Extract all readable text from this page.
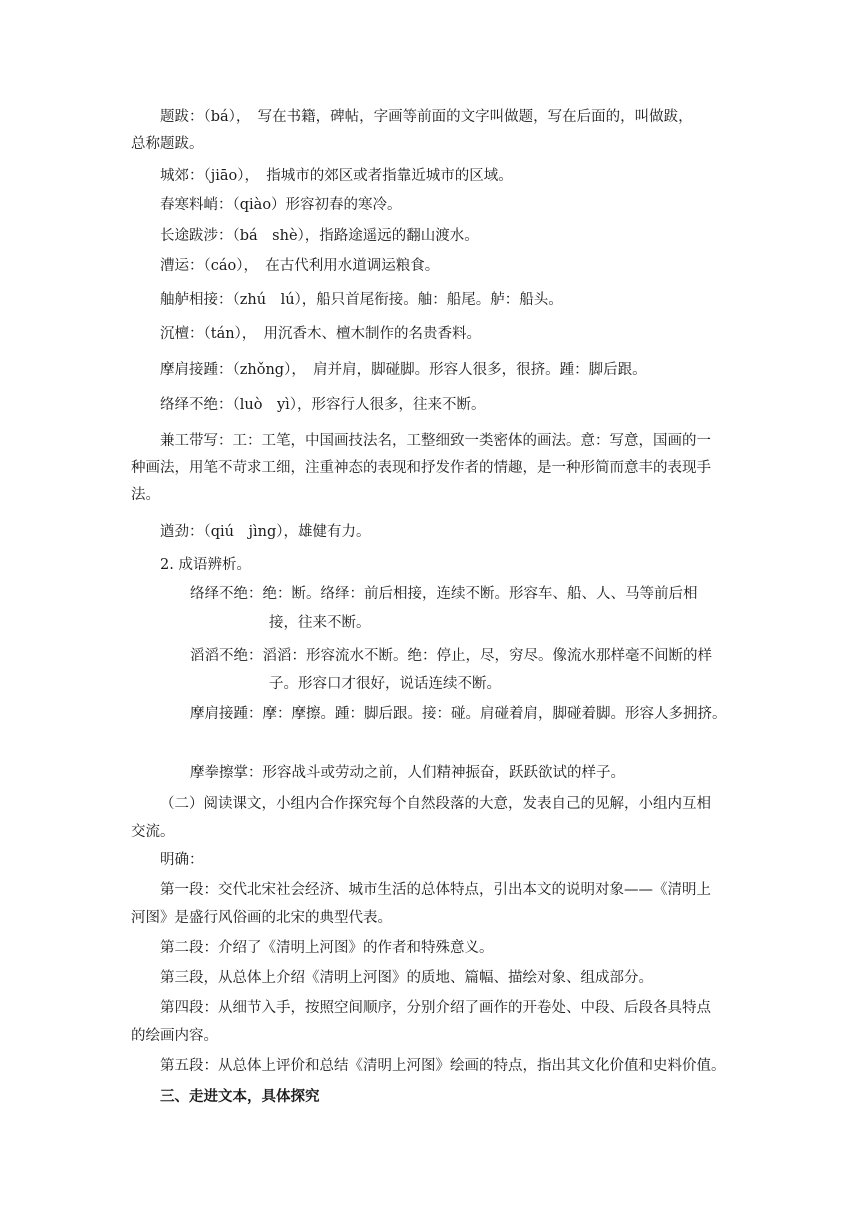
题跋：（bá），　写在书籍，碑帖，字画等前面的文字叫做题，写在后面的，叫做跋，
总称题跋。
城郊：（jiāo），　指城市的郊区或者指靠近城市的区域。
春寒料峭：（qiào）形容初春的寒冷。
长途跋涉：（bá　shè），指路途遥远的翻山渡水。
漕运：（cáo），　在古代利用水道调运粮食。
舳舻相接：（zhú　lú），船只首尾衔接。舳：船尾。舻：船头。
沉檀：（tán），　用沉香木、檀木制作的名贵香料。
摩肩接踵：（zhǒng），　肩并肩，脚碰脚。形容人很多，很挤。踵：脚后跟。
络绎不绝：（luò　yì），形容行人很多，往来不断。
兼工带写：工：工笔，中国画技法名，工整细致一类密体的画法。意：写意，国画的一
种画法，用笔不苛求工细，注重神态的表现和抒发作者的情趣，是一种形简而意丰的表现手
法。
遒劲：（qiú　jìng），雄健有力。
2. 成语辨析。
络绎不绝：绝：断。络绎：前后相接，连续不断。形容车、船、人、马等前后相
接，往来不断。
滔滔不绝：滔滔：形容流水不断。绝：停止，尽，穷尽。像流水那样毫不间断的样
子。形容口才很好，说话连续不断。
摩肩接踵：摩：摩擦。踵：脚后跟。接：碰。肩碰着肩，脚碰着脚。形容人多拥挤。
摩拳擦掌：形容战斗或劳动之前，人们精神振奋，跃跃欲试的样子。
（二）阅读课文，小组内合作探究每个自然段落的大意，发表自己的见解，小组内互相
交流。
明确：
第一段：交代北宋社会经济、城市生活的总体特点，引出本文的说明对象——《清明上
河图》是盛行风俗画的北宋的典型代表。
第二段：介绍了《清明上河图》的作者和特殊意义。
第三段，从总体上介绍《清明上河图》的质地、篇幅、描绘对象、组成部分。
第四段：从细节入手，按照空间顺序，分别介绍了画作的开卷处、中段、后段各具特点
的绘画内容。
第五段：从总体上评价和总结《清明上河图》绘画的特点，指出其文化价值和史料价值。
三、走进文本，具体探究
